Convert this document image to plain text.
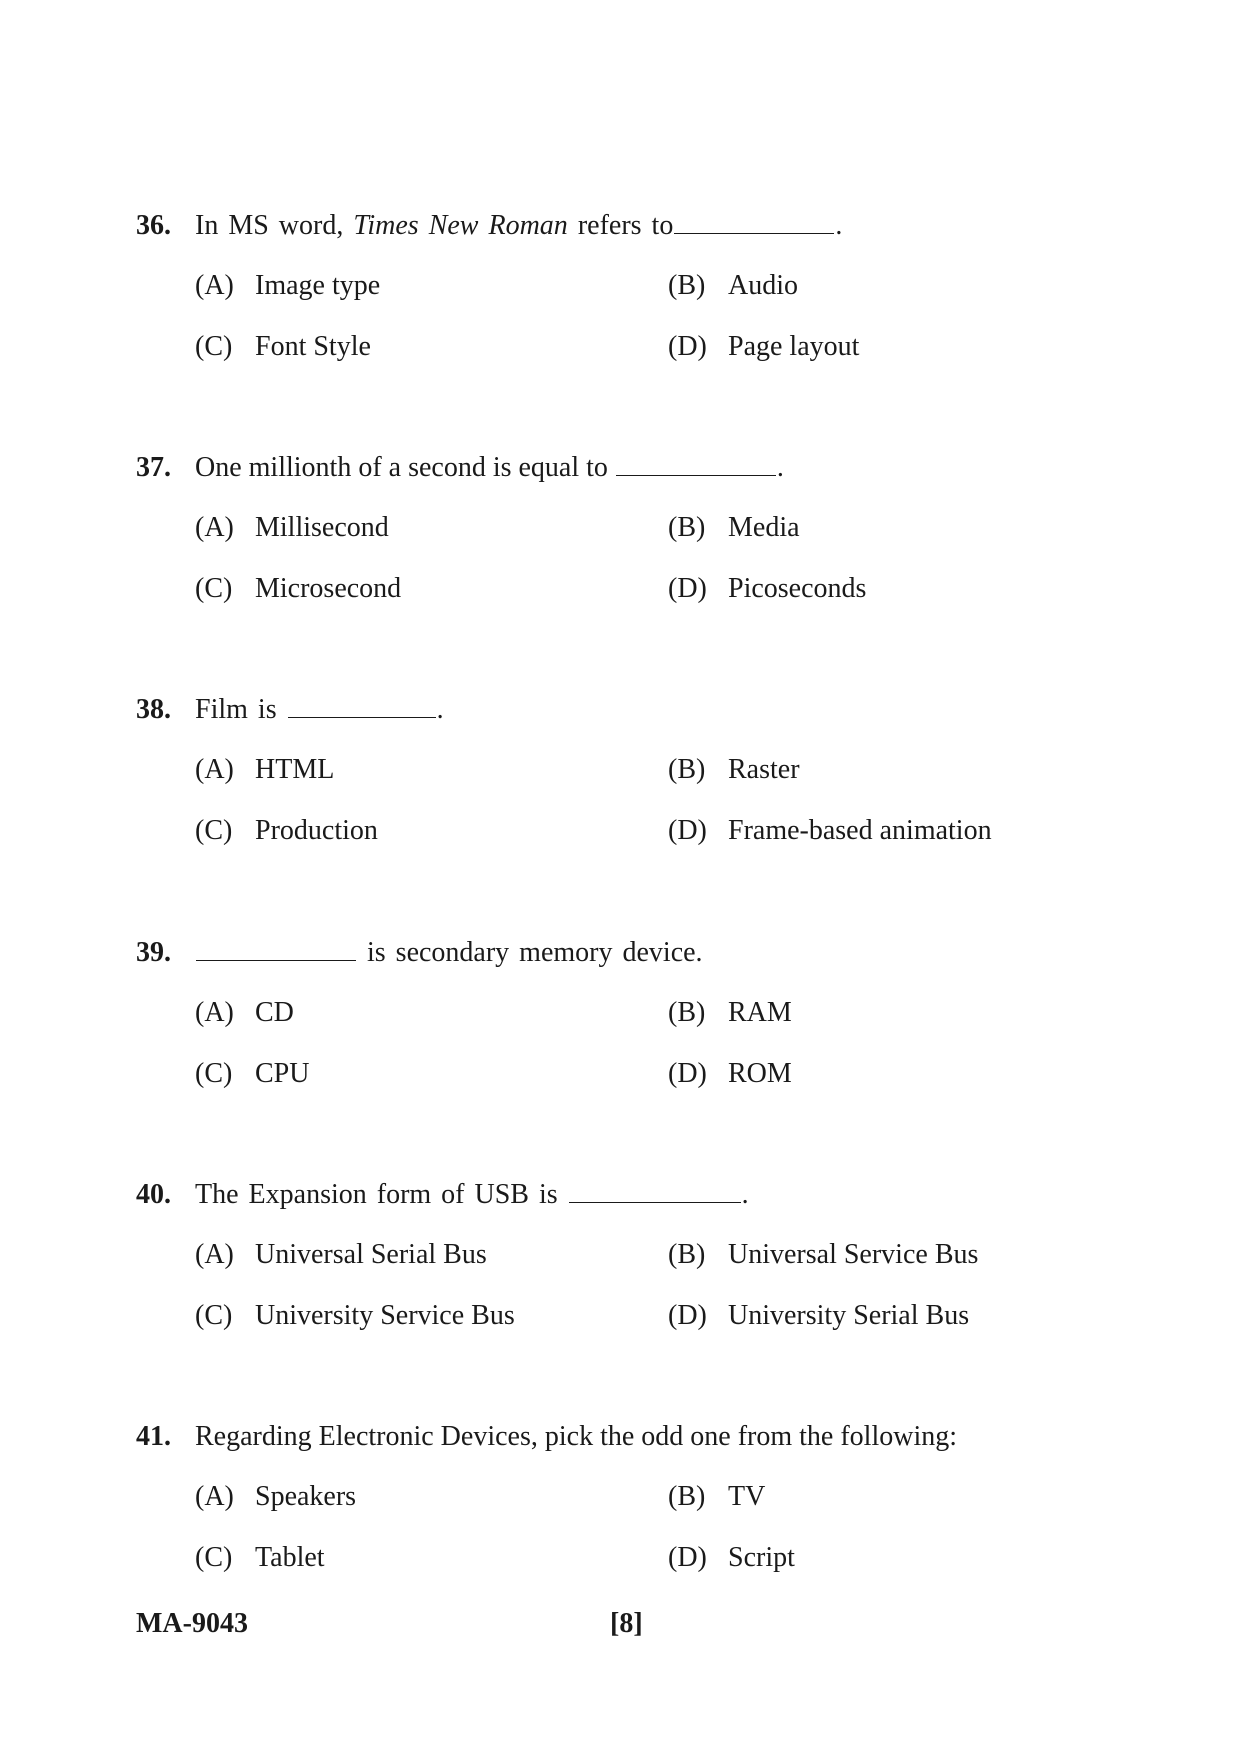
36. In MS word, Times New Roman refers to	.
(A) Image type	(B) Audio
(C) Font Style	(D) Page layout
37. One millionth of a second is equal to	.
(A) Millisecond	(B) Media
(C) Microsecond	(D) Picoseconds
38. Film is	.
(A) HTML	(B) Raster
(C) Production	(D) Frame-based animation
39.	is secondary memory device.
(A) CD	(B) RAM
(C) CPU	(D) ROM
40. The Expansion form of USB is	.
(A) Universal Serial Bus	(B) Universal Service Bus
(C) University Service Bus	(D) University Serial Bus
41. Regarding Electronic Devices, pick the odd one from the following:
(A) Speakers	(B) TV
(C) Tablet	(D) Script
MA-9043	[8]
